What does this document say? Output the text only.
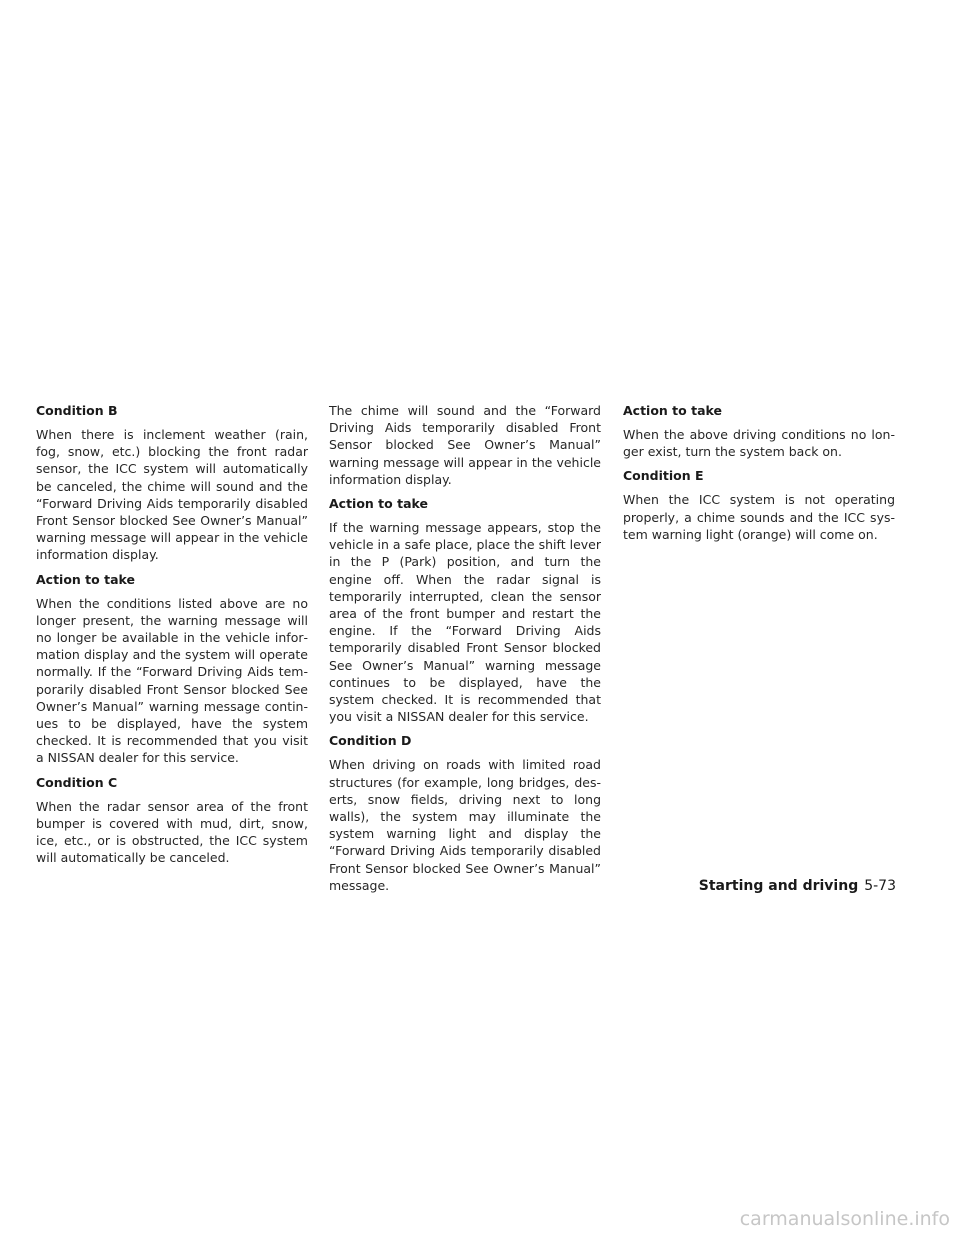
Condition B

When there is inclement weather (rain, fog, snow, etc.) blocking the front radar sensor, the ICC system will automatically be canceled, the chime will sound and the “Forward Driving Aids temporarily disabled Front Sensor blocked See Owner’s Manual” warning message will appear in the vehicle information display.

Action to take

When the conditions listed above are no longer present, the warning message will no longer be available in the vehicle information display and the system will operate normally. If the “Forward Driving Aids temporarily disabled Front Sensor blocked See Owner’s Manual” warning message continues to be displayed, have the system checked. It is recommended that you visit a NISSAN dealer for this service.

Condition C

When the radar sensor area of the front bumper is covered with mud, dirt, snow, ice, etc., or is obstructed, the ICC system will automatically be canceled.

The chime will sound and the “Forward Driving Aids temporarily disabled Front Sensor blocked See Owner’s Manual” warning message will appear in the vehicle information display.

Action to take

If the warning message appears, stop the vehicle in a safe place, place the shift lever in the P (Park) position, and turn the engine off. When the radar signal is temporarily interrupted, clean the sensor area of the front bumper and restart the engine. If the “Forward Driving Aids temporarily disabled Front Sensor blocked See Owner’s Manual” warning message continues to be displayed, have the system checked. It is recommended that you visit a NISSAN dealer for this service.

Condition D

When driving on roads with limited road structures (for example, long bridges, deserts, snow fields, driving next to long walls), the system may illuminate the system warning light and display the “Forward Driving Aids temporarily disabled Front Sensor blocked See Owner’s Manual” message.

Action to take

When the above driving conditions no longer exist, turn the system back on.

Condition E

When the ICC system is not operating properly, a chime sounds and the ICC system warning light (orange) will come on.

Starting and driving 5-73
carmanualsonline.info
